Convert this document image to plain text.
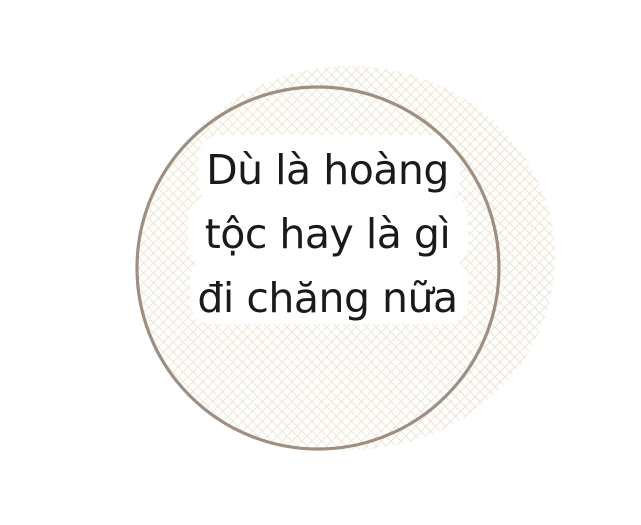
Dù là hoàng
tộc hay là gì
đi chăng nữa
